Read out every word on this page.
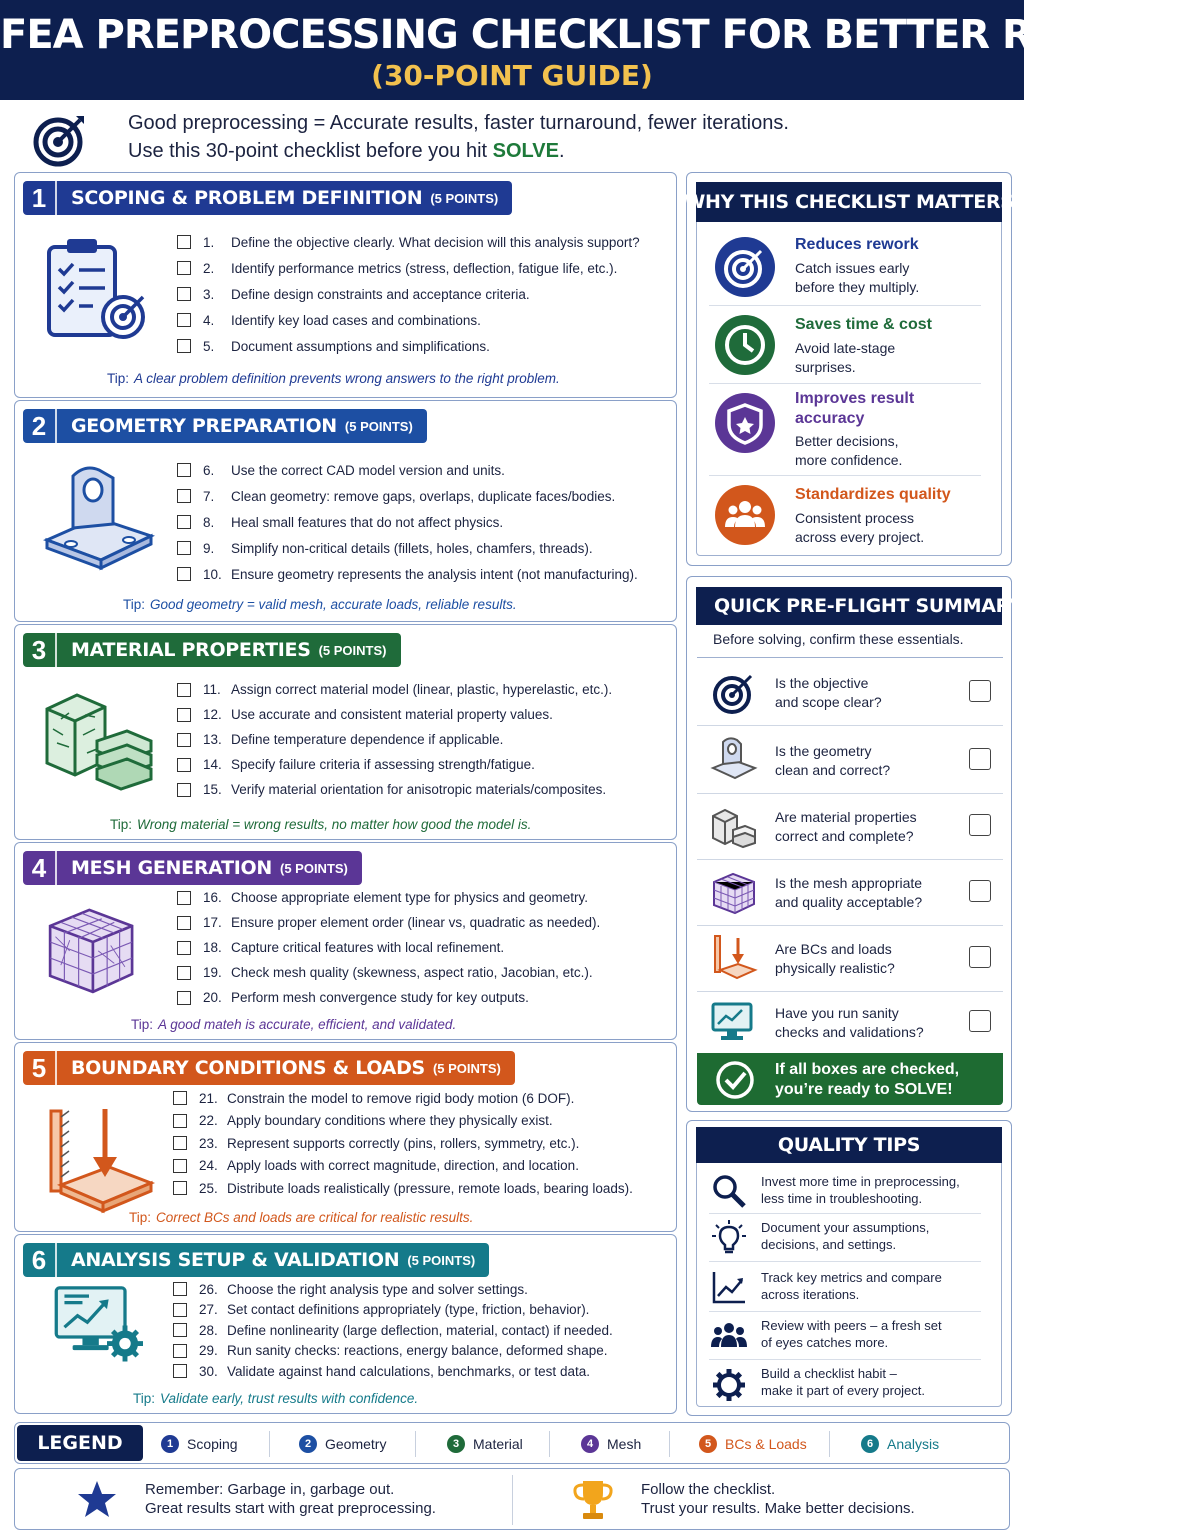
FEA PREPROCESSING CHECKLIST FOR BETTER RESULTS
(30-POINT GUIDE)
Good preprocessing = Accurate results, faster turnaround, fewer iterations.
Use this 30-point checklist before you hit SOLVE.
1	SCOPING & PROBLEM DEFINITION (5 POINTS)
1.	Define the objective clearly. What decision will this analysis support?
2.	Identify performance metrics (stress, deflection, fatigue life, etc.).
3.	Define design constraints and acceptance criteria.
4.	Identify key load cases and combinations.
5.	Document assumptions and simplifications.
Tip: A clear problem definition prevents wrong answers to the right problem.
2	GEOMETRY PREPARATION (5 POINTS)
6.	Use the correct CAD model version and units.
7.	Clean geometry: remove gaps, overlaps, duplicate faces/bodies.
8.	Heal small features that do not affect physics.
9.	Simplify non-critical details (fillets, holes, chamfers, threads).
10. Ensure geometry represents the analysis intent (not manufacturing).
Tip: Good geometry = valid mesh, accurate loads, reliable results.
3	MATERIAL PROPERTIES (5 POINTS)
11. Assign correct material model (linear, plastic, hyperelastic, etc.).
12. Use accurate and consistent material property values.
13. Define temperature dependence if applicable.
14. Specify failure criteria if assessing strength/fatigue.
15. Verify material orientation for anisotropic materials/composites.
Tip: Wrong material = wrong results, no matter how good the model is.
4	MESH GENERATION (5 POINTS)
16. Choose appropriate element type for physics and geometry.
17. Ensure proper element order (linear vs, quadratic as needed).
18. Capture critical features with local refinement.
19. Check mesh quality (skewness, aspect ratio, Jacobian, etc.).
20. Perform mesh convergence study for key outputs.
Tip: A good mateh is accurate, efficient, and validated.
5	BOUNDARY CONDITIONS & LOADS (5 POINTS)
21. Constrain the model to remove rigid body motion (6 DOF).
22. Apply boundary conditions where they physically exist.
23. Represent supports correctly (pins, rollers, symmetry, etc.).
24. Apply loads with correct magnitude, direction, and location.
25. Distribute loads realistically (pressure, remote loads, bearing loads).
Tip: Correct BCs and loads are critical for realistic results.
6	ANALYSIS SETUP & VALIDATION (5 POINTS)
26. Choose the right analysis type and solver settings.
27. Set contact definitions appropriately (type, friction, behavior).
28. Define nonlinearity (large deflection, material, contact) if needed.
29. Run sanity checks: reactions, energy balance, deformed shape.
30. Validate against hand calculations, benchmarks, or test data.
Tip: Validate early, trust results with confidence.
WHY THIS CHECKLIST MATTERS
Reduces rework
Catch issues early
before they multiply.
Saves time & cost
Avoid late-stage
surprises.
Improves result
accuracy
Better decisions,
more confidence.
Standardizes quality
Consistent process
across every project.
QUICK PRE-FLIGHT SUMMARY
Before solving, confirm these essentials.
Is the objective
and scope clear?
Is the geometry
clean and correct?
Are material properties
correct and complete?
Is the mesh appropriate
and quality acceptable?
Are BCs and loads
physically realistic?
Have you run sanity
checks and validations?
If all boxes are checked,
you’re ready to SOLVE!
QUALITY TIPS
Invest more time in preprocessing,
less time in troubleshooting.
Document your assumptions,
decisions, and settings.
Track key metrics and compare
across iterations.
Review with peers – a fresh set
of eyes catches more.
Build a checklist habit –
make it part of every project.
LEGEND	1 Scoping	2 Geometry	3 Material	4 Mesh	5 BCs & Loads	6 Analysis
Remember: Garbage in, garbage out.
Great results start with great preprocessing.
Follow the checklist.
Trust your results. Make better decisions.
